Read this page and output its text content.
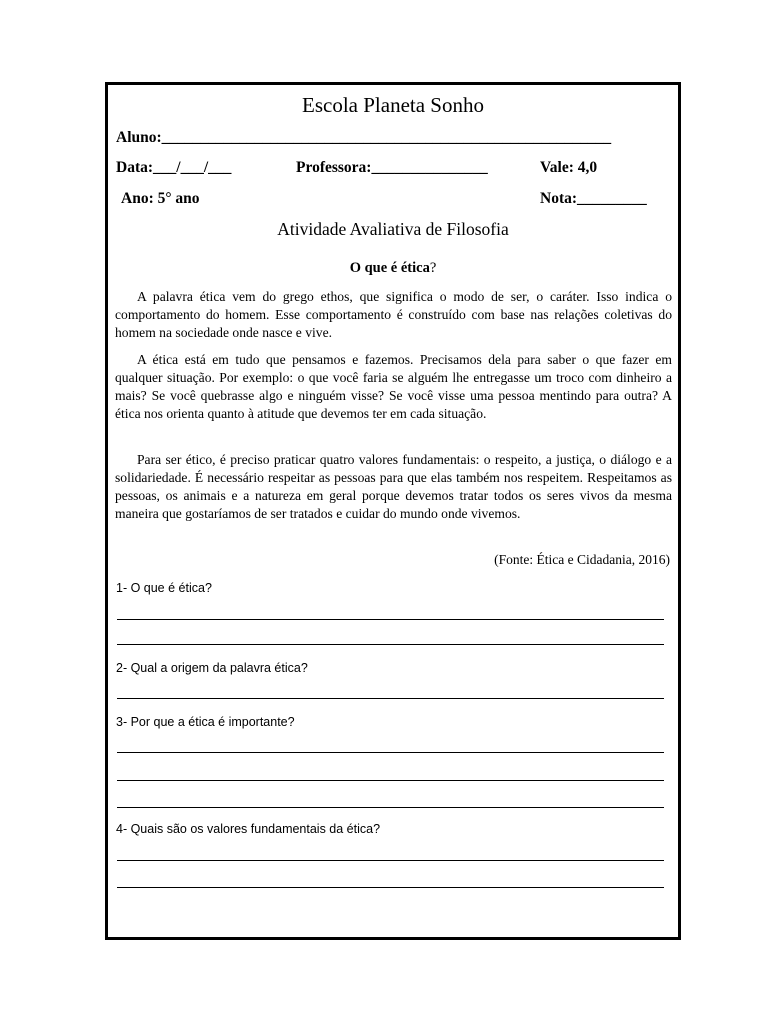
Escola Planeta Sonho
Aluno:__________________________________________________________
Data:___/___/___	Professora:_______________	Vale: 4,0
Ano: 5° ano	Nota:_________
Atividade Avaliativa de Filosofia
O que é ética?
A palavra ética vem do grego ethos, que significa o modo de ser, o caráter. Isso indica o comportamento do homem. Esse comportamento é construído com base nas relações coletivas do homem na sociedade onde nasce e vive.
A ética está em tudo que pensamos e fazemos. Precisamos dela para saber o que fazer em qualquer situação. Por exemplo: o que você faria se alguém lhe entregasse um troco com dinheiro a mais? Se você quebrasse algo e ninguém visse? Se você visse uma pessoa mentindo para outra? A ética nos orienta quanto à atitude que devemos ter em cada situação.
Para ser ético, é preciso praticar quatro valores fundamentais: o respeito, a justiça, o diálogo e a solidariedade. É necessário respeitar as pessoas para que elas também nos respeitem. Respeitamos as pessoas, os animais e a natureza em geral porque devemos tratar todos os seres vivos da mesma maneira que gostaríamos de ser tratados e cuidar do mundo onde vivemos.
(Fonte: Ética e Cidadania, 2016)
1- O que é ética?
2- Qual a origem da palavra ética?
3- Por que a ética é importante?
4- Quais são os valores fundamentais da ética?
